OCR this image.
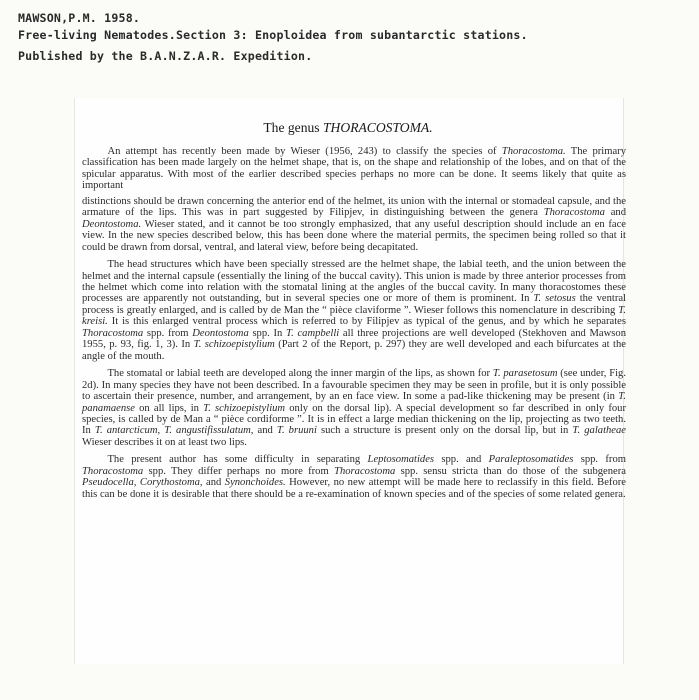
MAWSON,P.M. 1958.
Free-living Nematodes.Section 3: Enoploidea from subantarctic stations.
Published by the B.A.N.Z.A.R. Expedition.
The genus THORACOSTOMA.

An attempt has recently been made by Wieser (1956, 243) to classify the species of Thoracostoma. The primary classification has been made largely on the helmet shape, that is, on the shape and relationship of the lobes, and on that of the spicular apparatus. With most of the earlier described species perhaps no more can be done. It seems likely that quite as important

distinctions should be drawn concerning the anterior end of the helmet, its union with the internal or stomadeal capsule, and the armature of the lips. This was in part suggested by Filipjev, in distinguishing between the genera Thoracostoma and Deontostoma. Wieser stated, and it cannot be too strongly emphasized, that any useful description should include an en face view. In the new species described below, this has been done where the material permits, the specimen being rolled so that it could be drawn from dorsal, ventral, and lateral view, before being decapitated.

The head structures which have been specially stressed are the helmet shape, the labial teeth, and the union between the helmet and the internal capsule (essentially the lining of the buccal cavity). This union is made by three anterior processes from the helmet which come into relation with the stomatal lining at the angles of the buccal cavity. In many thoracostomes these processes are apparently not outstanding, but in several species one or more of them is prominent. In T. setosus the ventral process is greatly enlarged, and is called by de Man the “ pièce claviforme ”. Wieser follows this nomenclature in describing T. kreisi. It is this enlarged ventral process which is referred to by Filipjev as typical of the genus, and by which he separates Thoracostoma spp. from Deontostoma spp. In T. campbelli all three projections are well developed (Stekhoven and Mawson 1955, p. 93, fig. 1, 3). In T. schizoepistylium (Part 2 of the Report, p. 297) they are well developed and each bifurcates at the angle of the mouth.

The stomatal or labial teeth are developed along the inner margin of the lips, as shown for T. parasetosum (see under, Fig. 2d). In many species they have not been described. In a favourable specimen they may be seen in profile, but it is only possible to ascertain their presence, number, and arrangement, by an en face view. In some a pad-like thickening may be present (in T. panamaense on all lips, in T. schizoepistylium only on the dorsal lip). A special development so far described in only four species, is called by de Man a “ pièce cordiforme ”. It is in effect a large median thickening on the lip, projecting as two teeth. In T. antarcticum, T. angustifissulatum, and T. bruuni such a structure is present only on the dorsal lip, but in T. galatheae Wieser describes it on at least two lips.

The present author has some difficulty in separating Leptosomatides spp. and Paraleptosomatides spp. from Thoracostoma spp. They differ perhaps no more from Thoracostoma spp. sensu stricta than do those of the subgenera Pseudocella, Corythostoma, and Synonchoides. However, no new attempt will be made here to reclassify in this field. Before this can be done it is desirable that there should be a re-examination of known species and of the species of some related genera.
